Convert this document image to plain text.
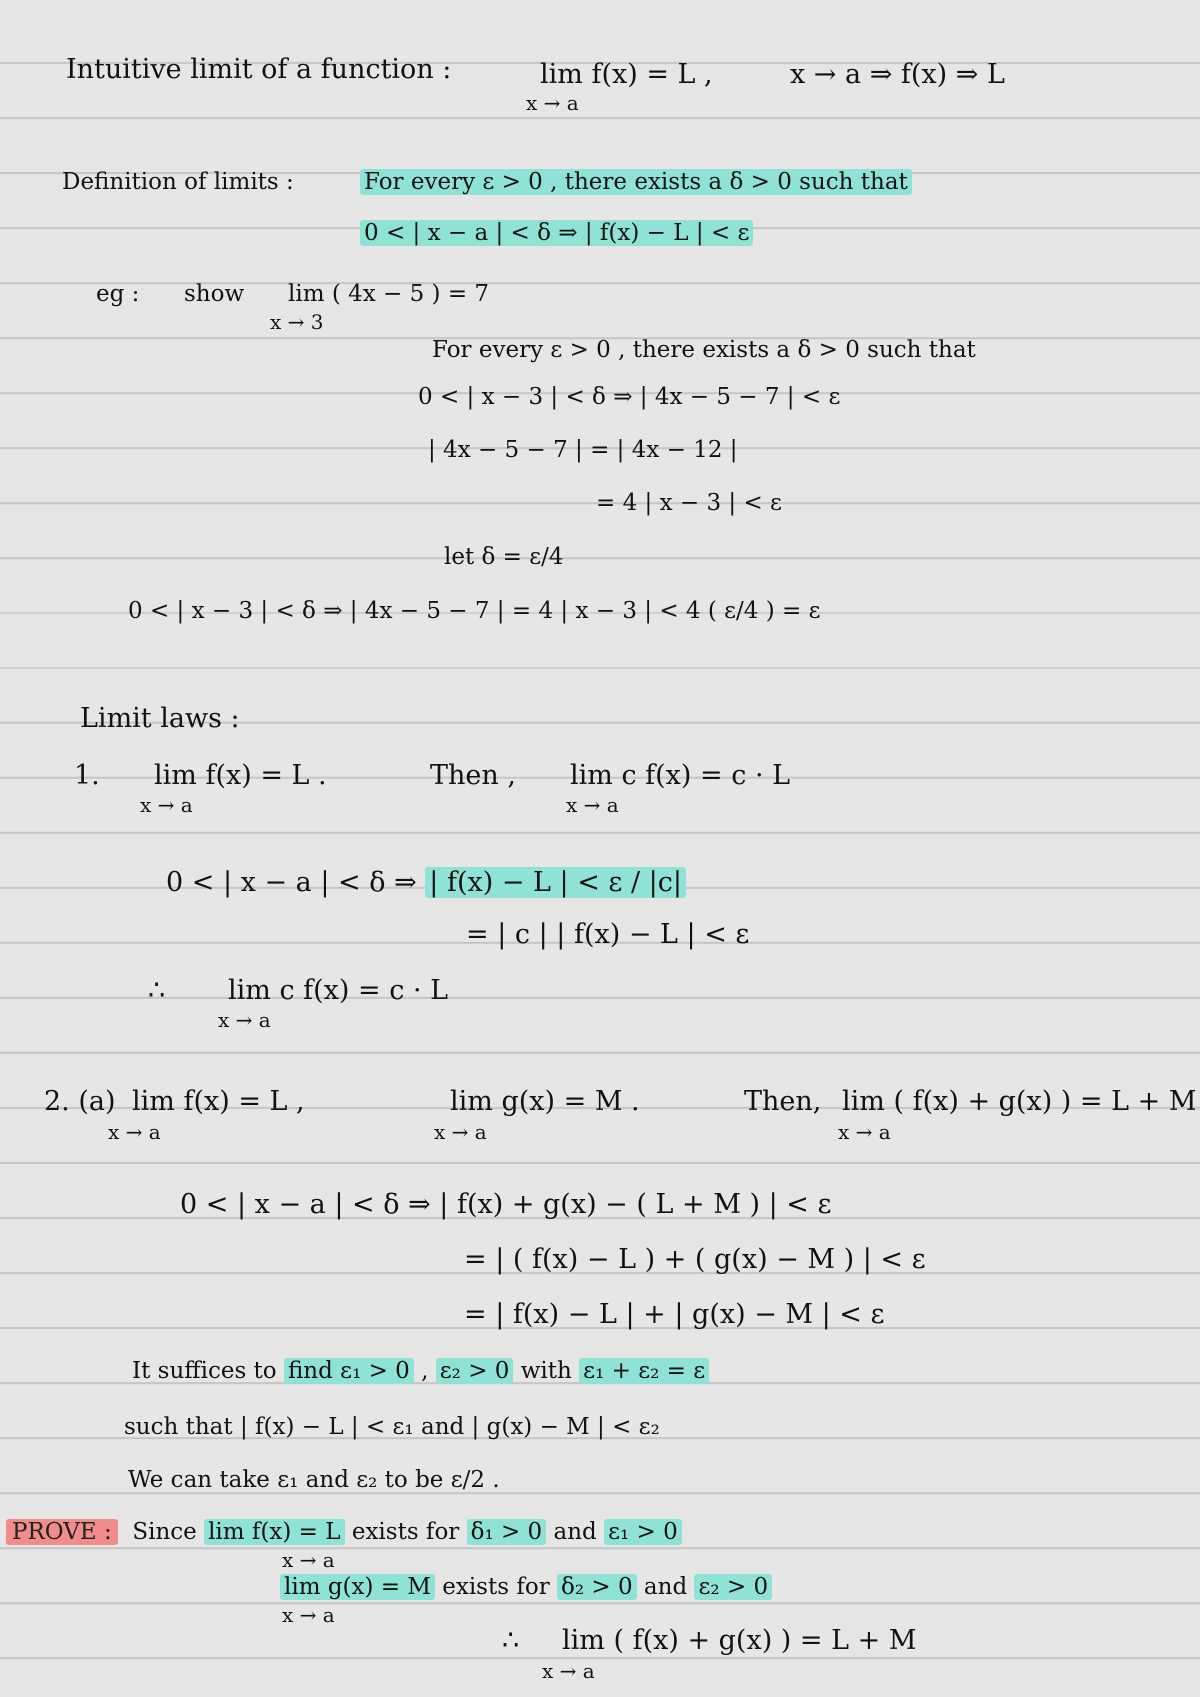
Intuitive limit of a function :	lim f(x) = L ,
x → a
x → a ⇒ f(x) ⇒ L
Definition of limits :	For every ε > 0 , there exists a δ > 0 such that
0 < | x − a | < δ ⇒ | f(x) − L | < ε
eg : show lim ( 4x − 5 ) = 7
x → 3
For every ε > 0 , there exists a δ > 0 such that
0 < | x − 3 | < δ ⇒ | 4x − 5 − 7 | < ε
| 4x − 5 − 7 | = | 4x − 12 |
= 4 | x − 3 | < ε
let δ = ε/4
0 < | x − 3 | < δ ⇒ | 4x − 5 − 7 | = 4 | x − 3 | < 4 ( ε/4 ) = ε
Limit laws :
1. lim f(x) = L .
x → a
Then , lim c f(x) = c · L
x → a
0 < | x − a | < δ ⇒ | f(x) − L | < ε / |c|
= | c | | f(x) − L | < ε
∴ lim c f(x) = c · L
x → a
2. (a) lim f(x) = L ,
x → a
lim g(x) = M .
x → a
Then, lim ( f(x) + g(x) ) = L + M
x → a
0 < | x − a | < δ ⇒ | f(x) + g(x) − ( L + M ) | < ε
= | ( f(x) − L ) + ( g(x) − M ) | < ε
= | f(x) − L | + | g(x) − M | < ε
It suffices to find ε₁ > 0 , ε₂ > 0 with ε₁ + ε₂ = ε
such that | f(x) − L | < ε₁ and | g(x) − M | < ε₂
We can take ε₁ and ε₂ to be ε/2 .
PROVE : Since lim f(x) = L exists for δ₁ > 0 and ε₁ > 0
x → a
lim g(x) = M exists for δ₂ > 0 and ε₂ > 0
x → a
∴ lim ( f(x) + g(x) ) = L + M
x → a
